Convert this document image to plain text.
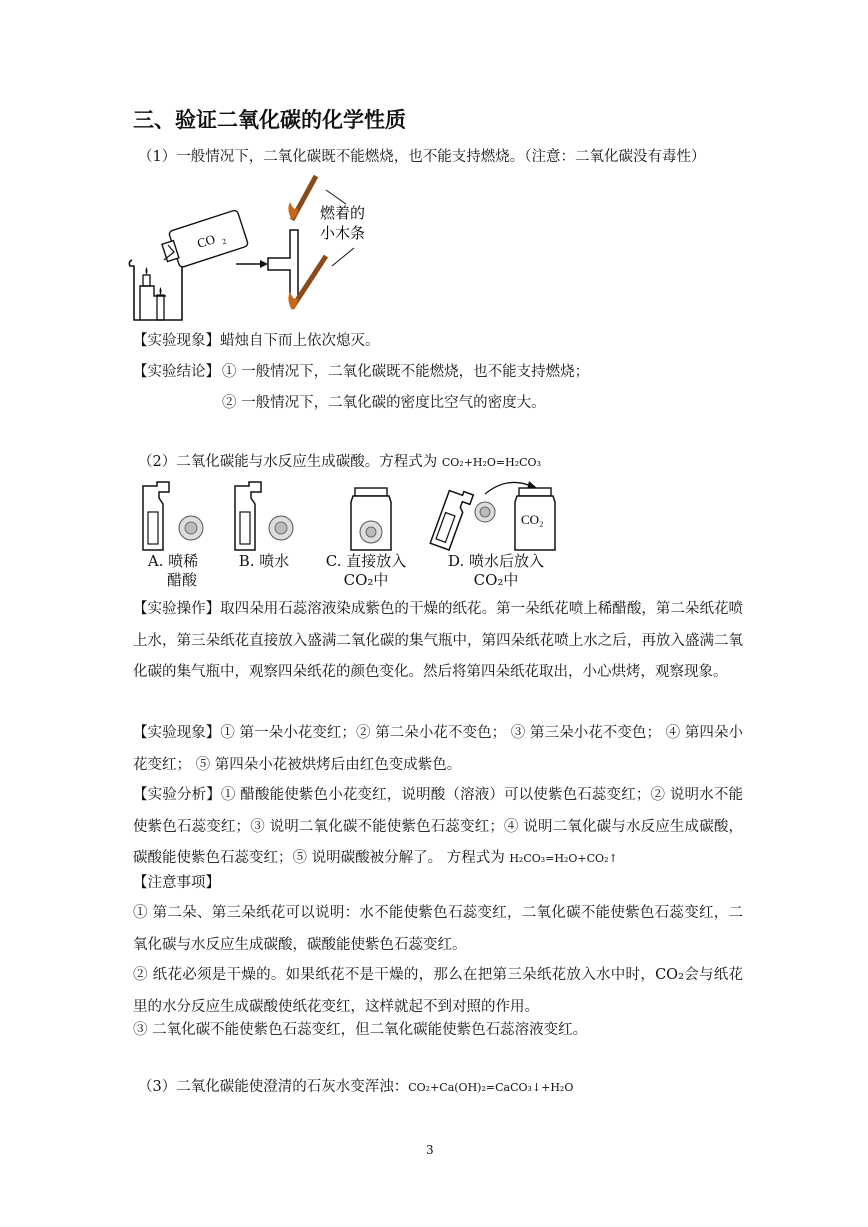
三、验证二氧化碳的化学性质
（1）一般情况下，二氧化碳既不能燃烧，也不能支持燃烧。（注意：二氧化碳没有毒性）
CO 2
燃着的
小木条
【实验现象】蜡烛自下而上依次熄灭。
【实验结论】 ① 一般情况下，二氧化碳既不能燃烧，也不能支持燃烧；
② 一般情况下，二氧化碳的密度比空气的密度大。
（2）二氧化碳能与水反应生成碳酸。方程式为 CO₂+H₂O=H₂CO₃
CO₂
A. 喷稀
醋酸
B. 喷水	C. 直接放入
CO₂中
D. 喷水后放入
CO₂中
【实验操作】取四朵用石蕊溶液染成紫色的干燥的纸花。第一朵纸花喷上稀醋酸，第二朵纸花喷上水，第三朵纸花直接放入盛满二氧化碳的集气瓶中，第四朵纸花喷上水之后，再放入盛满二氧化碳的集气瓶中，观察四朵纸花的颜色变化。然后将第四朵纸花取出，小心烘烤，观察现象。
【实验现象】① 第一朵小花变红；② 第二朵小花不变色； ③ 第三朵小花不变色； ④ 第四朵小花变红； ⑤ 第四朵小花被烘烤后由红色变成紫色。
【实验分析】① 醋酸能使紫色小花变红，说明酸（溶液）可以使紫色石蕊变红；② 说明水不能使紫色石蕊变红；③ 说明二氧化碳不能使紫色石蕊变红；④ 说明二氧化碳与水反应生成碳酸，碳酸能使紫色石蕊变红；⑤ 说明碳酸被分解了。 方程式为 H₂CO₃=H₂O+CO₂↑
【注意事项】
① 第二朵、第三朵纸花可以说明：水不能使紫色石蕊变红，二氧化碳不能使紫色石蕊变红，二氧化碳与水反应生成碳酸，碳酸能使紫色石蕊变红。
② 纸花必须是干燥的。如果纸花不是干燥的，那么在把第三朵纸花放入水中时，CO₂会与纸花里的水分反应生成碳酸使纸花变红，这样就起不到对照的作用。
③ 二氧化碳不能使紫色石蕊变红，但二氧化碳能使紫色石蕊溶液变红。
（3）二氧化碳能使澄清的石灰水变浑浊：CO₂+Ca(OH)₂=CaCO₃↓+H₂O
3
